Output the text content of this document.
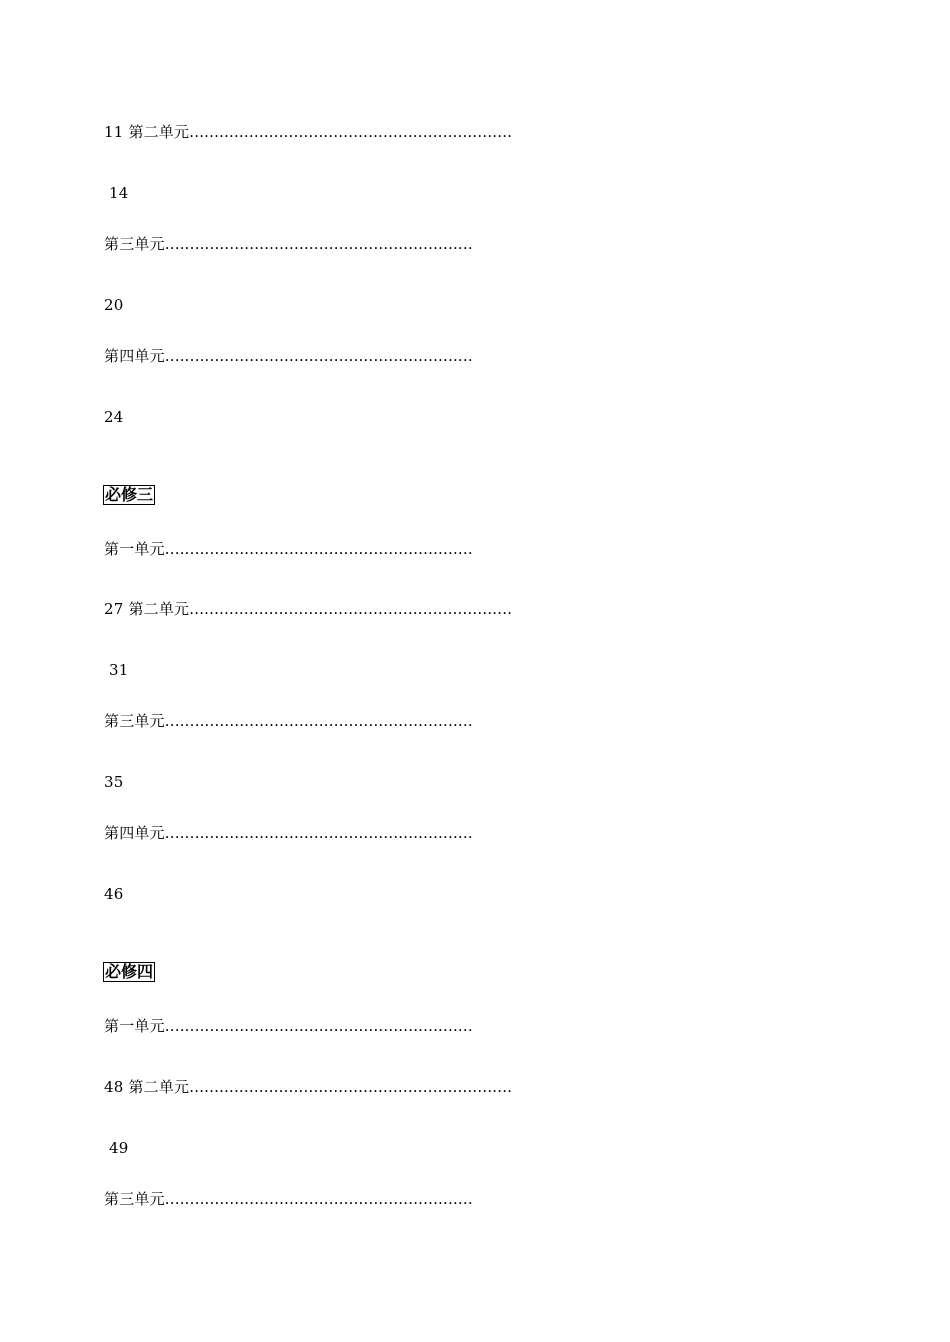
11 第二单元.................................................................
14
第三单元..............................................................
20
第四单元..............................................................
24
必修三
第一单元..............................................................
27 第二单元.................................................................
31
第三单元..............................................................
35
第四单元..............................................................
46
必修四
第一单元..............................................................
48 第二单元.................................................................
49
第三单元..............................................................
